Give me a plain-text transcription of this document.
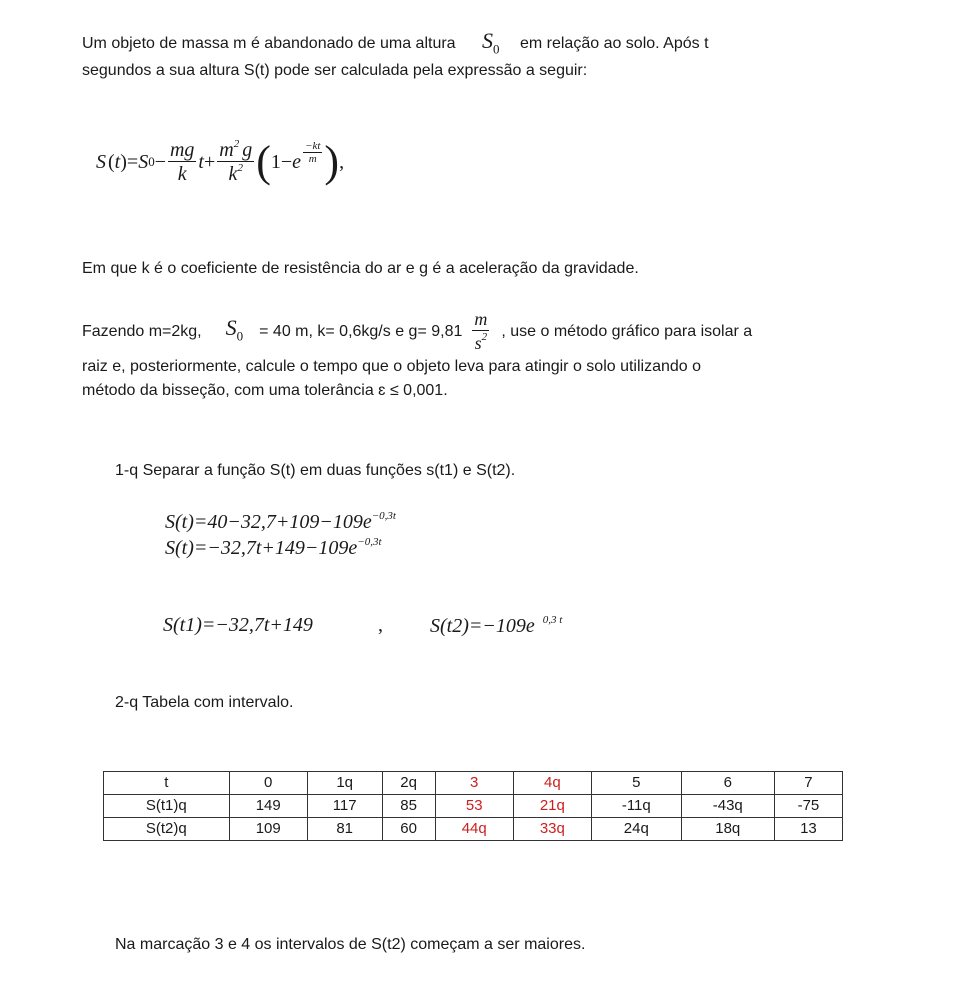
Um objeto de massa m é abandonado de uma altura $S_0$ em relação ao solo. Após t
segundos a sua altura S(t) pode ser calculada pela expressão a seguir:
S (t)= S $0 - \frac{mg}{k}$ $t + \frac{m^2 g}{k^2}$ ( 1− e $\frac{-kt}{m}$ ) ,
Em que k é o coeficiente de resistência do ar e g é a aceleração da gravidade.
Fazendo m=2kg, $S_0 = 40$ m, k= 0,6kg/s e $g= 9,81 \frac{m}{s^2}$ , use o método gráfico para isolar a
raiz e, posteriormente, calcule o tempo que o objeto leva para atingir o solo utilizando o
método da bisseção, com uma tolerância ɛ ≤ 0,001.
1-q Separar a função S(t) em duas funções s(t1) e S(t2).
$S(t)=40-32,7+109-109e^{-0,3t}$
$S(t)=-32,7t+149-109e^{-0,3t}$
S(t1)=−32,7t+149	, S(t2)=−109e $^{0,3 t}$
2-q Tabela com intervalo.
t	0	1q	2q	3	4q	5	6	7
S(t1)q	149	117	85	53	21q	-11q	-43q	-75
S(t2)q	109	81	60	44q	33q	24q	18q	13
Na marcação 3 e 4 os intervalos de S(t2) começam a ser maiores.
